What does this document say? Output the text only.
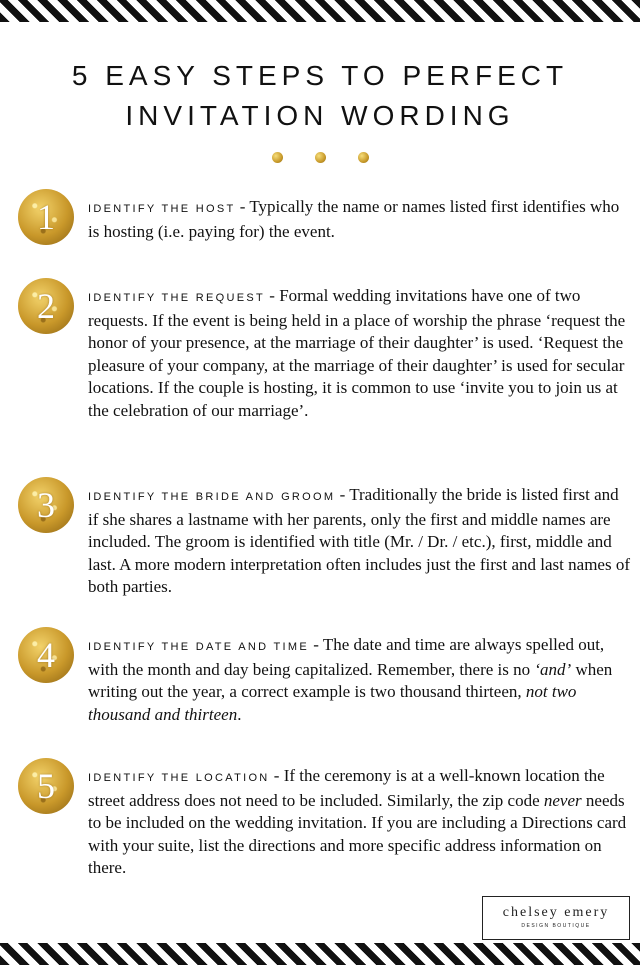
5 EASY STEPS TO PERFECT
INVITATION WORDING
1	IDENTIFY THE HOST - Typically the name or names listed first identifies who is hosting (i.e. paying for) the event.
2	IDENTIFY THE REQUEST - Formal wedding invitations have one of two requests. If the event is being held in a place of worship the phrase ‘request the honor of your presence, at the marriage of their daughter’ is used. ‘Request the pleasure of your company, at the marriage of their daughter’ is used for secular locations. If the couple is hosting, it is common to use ‘invite you to join us at the celebration of our marriage’.
3	IDENTIFY THE BRIDE AND GROOM - Traditionally the bride is listed first and if she shares a lastname with her parents, only the first and middle names are included. The groom is identified with title (Mr. / Dr. / etc.), first, middle and last. A more modern interpretation often includes just the first and last names of both parties.
4	IDENTIFY THE DATE AND TIME - The date and time are always spelled out, with the month and day being capitalized. Remember, there is no ‘and’ when writing out the year, a correct example is two thousand thirteen, not two thousand and thirteen.
5	IDENTIFY THE LOCATION - If the ceremony is at a well-known location the street address does not need to be included. Similarly, the zip code never needs to be included on the wedding invitation. If you are including a Directions card with your suite, list the directions and more specific address information on there.
chelsey emery
DESIGN BOUTIQUE
